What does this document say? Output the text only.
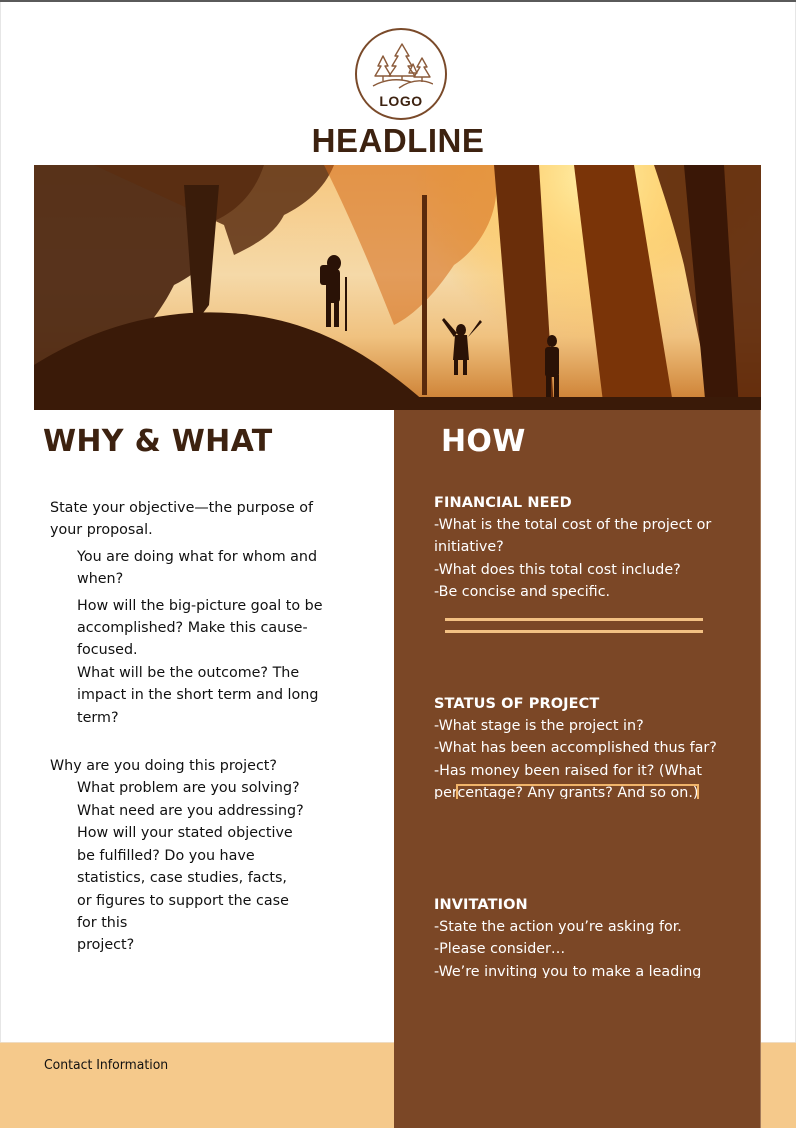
LOGO
HEADLINE
Contact Information
WHY & WHAT	HOW
State your objective—the purpose of
your proposal.
You are doing what for whom and
when?
How will the big-picture goal to be
accomplished? Make this cause-
focused.
What will be the outcome? The
impact in the short term and long
term?
Why are you doing this project?
What problem are you solving?
What need are you addressing?
How will your stated objective
be fulfilled? Do you have
statistics, case studies, facts,
or figures to support the case
for this
project?
FINANCIAL NEED
-What is the total cost of the project or
initiative?
-What does this total cost include?
-Be concise and specific.
STATUS OF PROJECT
-What stage is the project in?
-What has been accomplished thus far?
-Has money been raised for it? (What
percentage? Any grants? And so on.)
INVITATION
-State the action you’re asking for.
-Please consider…
-We’re inviting you to make a leading
